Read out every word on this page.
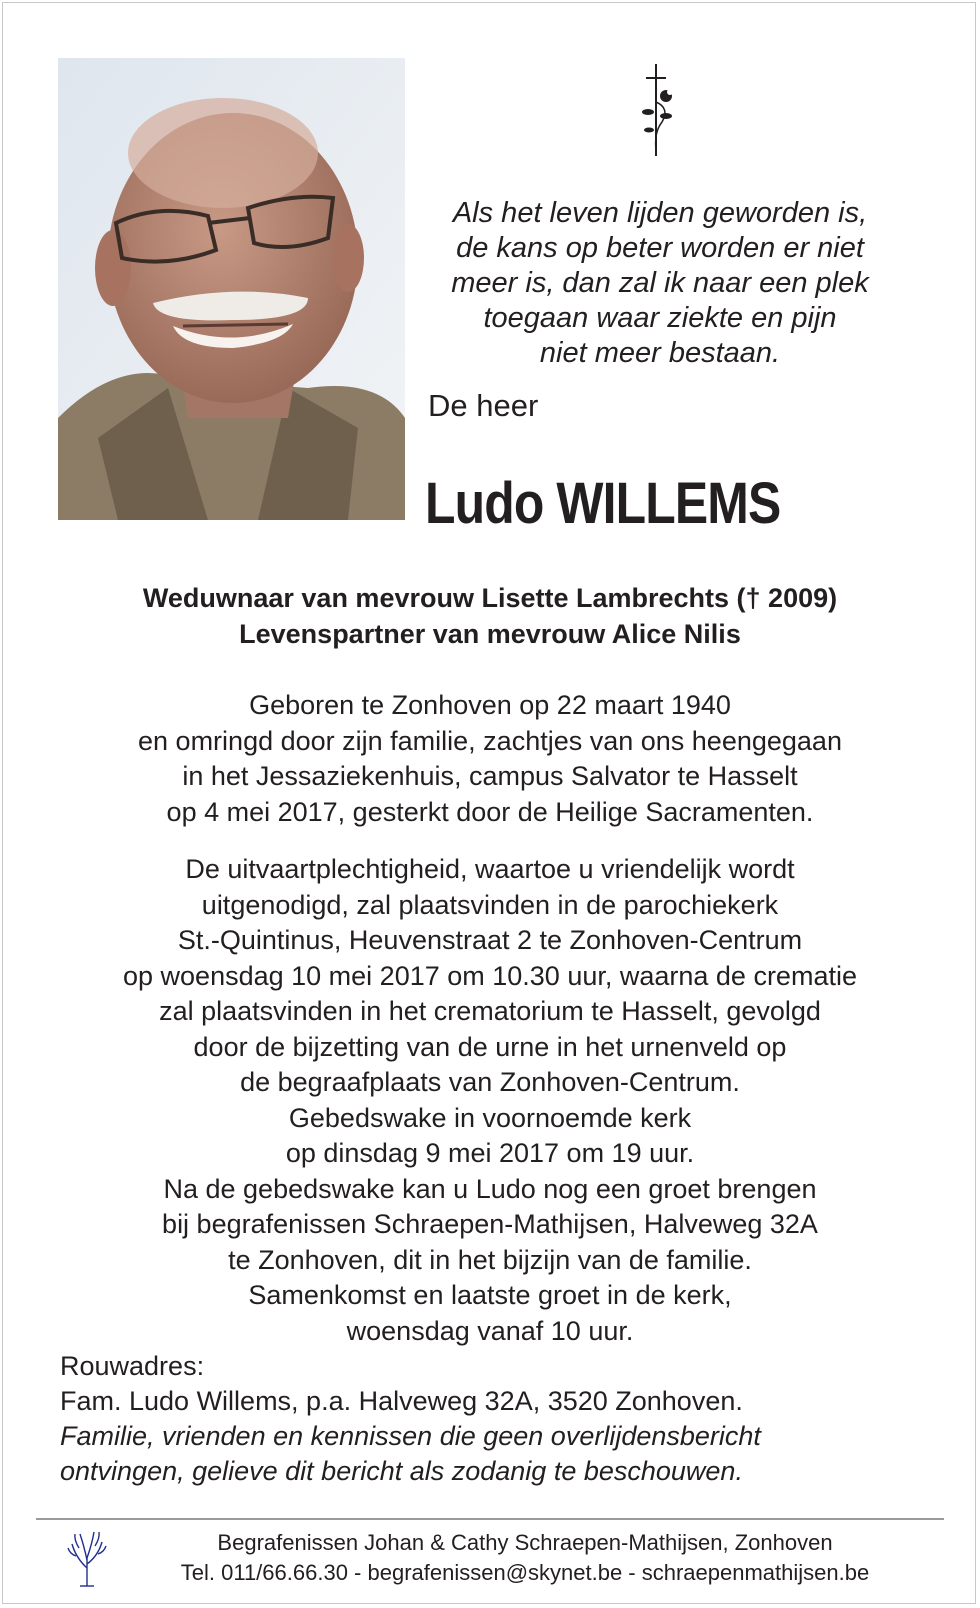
Als het leven lijden geworden is,
de kans op beter worden er niet
meer is, dan zal ik naar een plek
toegaan waar ziekte en pijn
niet meer bestaan.
De heer
Ludo WILLEMS
Weduwnaar van mevrouw Lisette Lambrechts († 2009)
Levenspartner van mevrouw Alice Nilis
Geboren te Zonhoven op 22 maart 1940
en omringd door zijn familie, zachtjes van ons heengegaan
in het Jessaziekenhuis, campus Salvator te Hasselt
op 4 mei 2017, gesterkt door de Heilige Sacramenten.
De uitvaartplechtigheid, waartoe u vriendelijk wordt
uitgenodigd, zal plaatsvinden in de parochiekerk
St.-Quintinus, Heuvenstraat 2 te Zonhoven-Centrum
op woensdag 10 mei 2017 om 10.30 uur, waarna de crematie
zal plaatsvinden in het crematorium te Hasselt, gevolgd
door de bijzetting van de urne in het urnenveld op
de begraafplaats van Zonhoven-Centrum.
Gebedswake in voornoemde kerk
op dinsdag 9 mei 2017 om 19 uur.
Na de gebedswake kan u Ludo nog een groet brengen
bij begrafenissen Schraepen-Mathijsen, Halveweg 32A
te Zonhoven, dit in het bijzijn van de familie.
Samenkomst en laatste groet in de kerk,
woensdag vanaf 10 uur.
Rouwadres:
Fam. Ludo Willems, p.a. Halveweg 32A, 3520 Zonhoven.
Familie, vrienden en kennissen die geen overlijdensbericht
ontvingen, gelieve dit bericht als zodanig te beschouwen.
Begrafenissen Johan & Cathy Schraepen-Mathijsen, Zonhoven
Tel. 011/66.66.30 - begrafenissen@skynet.be - schraepenmathijsen.be
